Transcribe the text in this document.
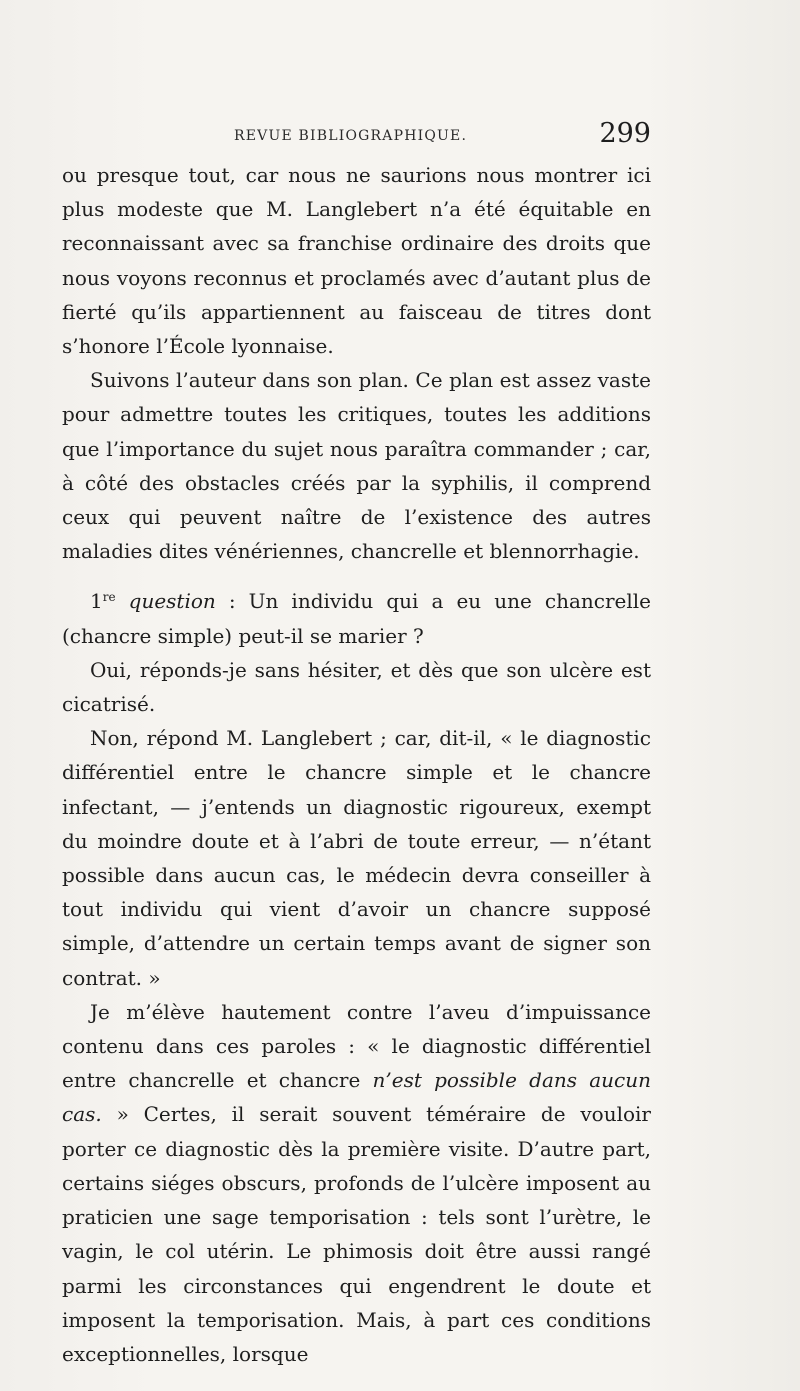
REVUE BIBLIOGRAPHIQUE.	299

ou presque tout, car nous ne saurions nous montrer ici plus modeste que M. Langlebert n’a été équitable en reconnaissant avec sa franchise ordinaire des droits que nous voyons reconnus et proclamés avec d’autant plus de fierté qu’ils appartiennent au faisceau de titres dont s’honore l’École lyonnaise.

Suivons l’auteur dans son plan. Ce plan est assez vaste pour admettre toutes les critiques, toutes les additions que l’importance du sujet nous paraîtra commander ; car, à côté des obstacles créés par la syphilis, il comprend ceux qui peuvent naître de l’existence des autres maladies dites vénériennes, chancrelle et blennorrhagie.

1re question : Un individu qui a eu une chancrelle (chancre simple) peut-il se marier ?

Oui, réponds-je sans hésiter, et dès que son ulcère est cicatrisé.

Non, répond M. Langlebert ; car, dit-il, « le diagnostic différentiel entre le chancre simple et le chancre infectant, — j’entends un diagnostic rigoureux, exempt du moindre doute et à l’abri de toute erreur, — n’étant possible dans aucun cas, le médecin devra conseiller à tout individu qui vient d’avoir un chancre supposé simple, d’attendre un certain temps avant de signer son contrat. »

Je m’élève hautement contre l’aveu d’impuissance contenu dans ces paroles : « le diagnostic différentiel entre chancrelle et chancre n’est possible dans aucun cas. » Certes, il serait souvent téméraire de vouloir porter ce diagnostic dès la première visite. D’autre part, certains siéges obscurs, profonds de l’ulcère imposent au praticien une sage temporisation : tels sont l’urètre, le vagin, le col utérin. Le phimosis doit être aussi rangé parmi les circonstances qui engendrent le doute et imposent la temporisation. Mais, à part ces conditions exceptionnelles, lorsque
